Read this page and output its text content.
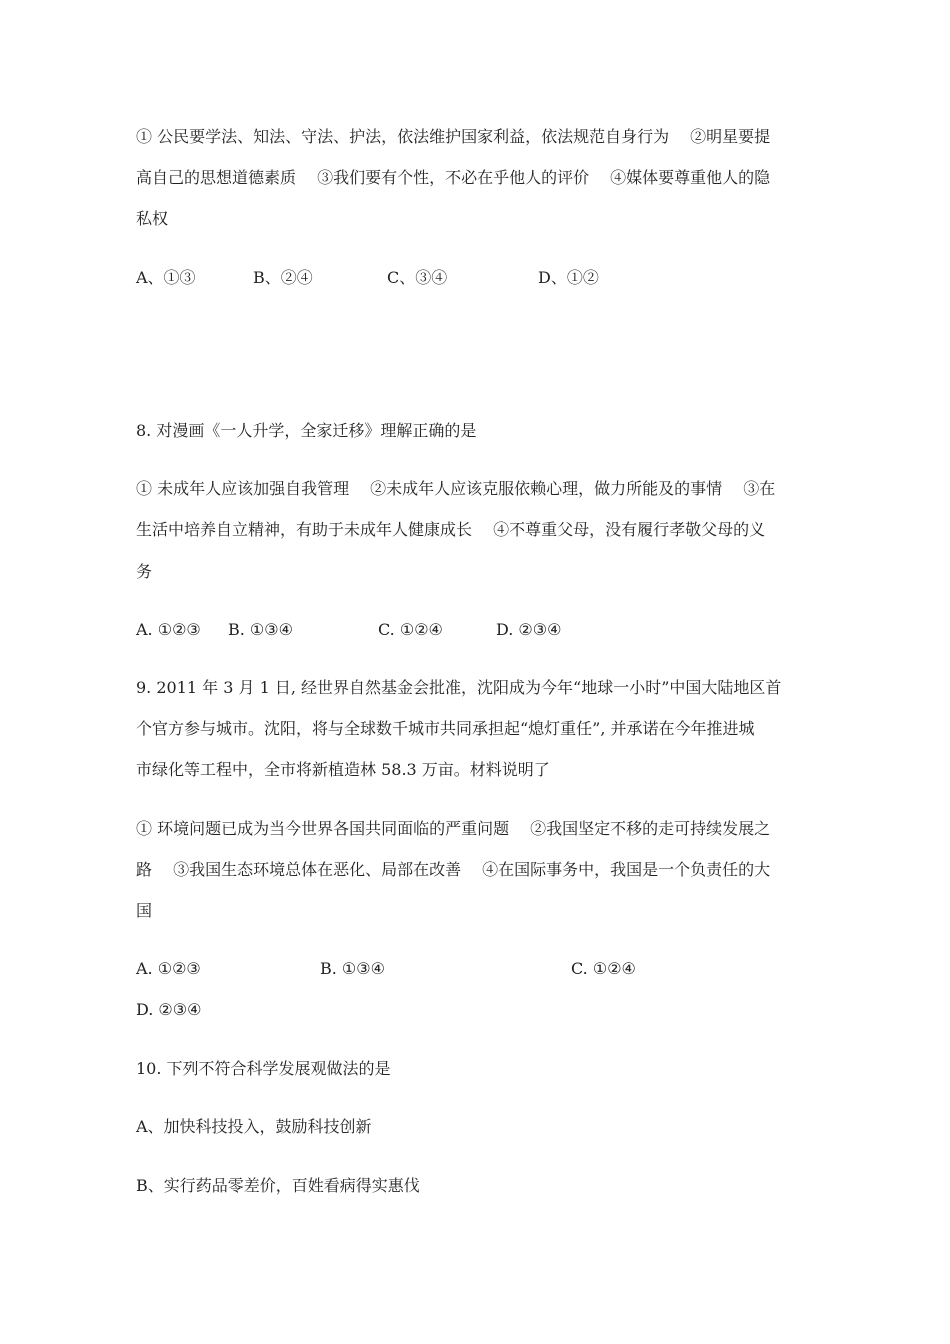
① 公民要学法、知法、守法、护法，依法维护国家利益，依法规范自身行为　 ②明星要提
高自己的思想道德素质　 ③我们要有个性，不必在乎他人的评价　 ④媒体要尊重他人的隐
私权
A、①③	B、②④	C、③④	D、①②
8. 对漫画《一人升学，全家迁移》理解正确的是
① 未成年人应该加强自我管理　 ②未成年人应该克服依赖心理，做力所能及的事情　 ③在
生活中培养自立精神，有助于未成年人健康成长　 ④不尊重父母，没有履行孝敬父母的义
务
A. ①②③ B. ①③④	C. ①②④	D. ②③④
9. 2011 年 3 月 1 日, 经世界自然基金会批准，沈阳成为今年“地球一小时”中国大陆地区首
个官方参与城市。沈阳，将与全球数千城市共同承担起“熄灯重任”, 并承诺在今年推进城
市绿化等工程中，全市将新植造林 58.3 万亩。材料说明了
① 环境问题已成为当今世界各国共同面临的严重问题　 ②我国坚定不移的走可持续发展之
路　 ③我国生态环境总体在恶化、局部在改善　 ④在国际事务中，我国是一个负责任的大
国
A. ①②③	B. ①③④	C. ①②④
D. ②③④
10. 下列不符合科学发展观做法的是
A、加快科技投入，鼓励科技创新
B、实行药品零差价，百姓看病得实惠伐
